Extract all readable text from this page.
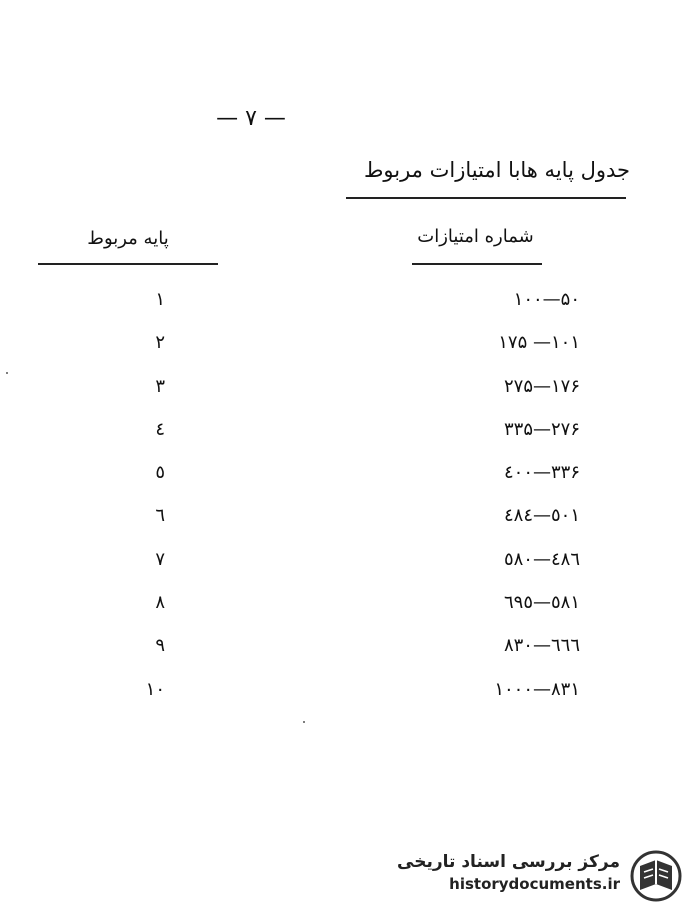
— ۷ —
جدول پایه هابا امتیازات مربوط
شماره امتیازات
پایه مربوط
۱۰۰—۵۰
۱
۱۷۵ —۱۰۱
۲
۲۷۵—۱۷۶
۳
۳۳۵—۲۷۶
٤
٤۰۰—۳۳۶
٥
٤۸٥—٤۰۱
٦
٥۸۰—٤۸٦
۷
٦۹٥—٥۸۱
۸
۸۳۰—٦٦٦
۹
۱۰۰۰—۸۳۱
۱۰
مرکز بررسی اسناد تاریخی
historydocuments.ir
